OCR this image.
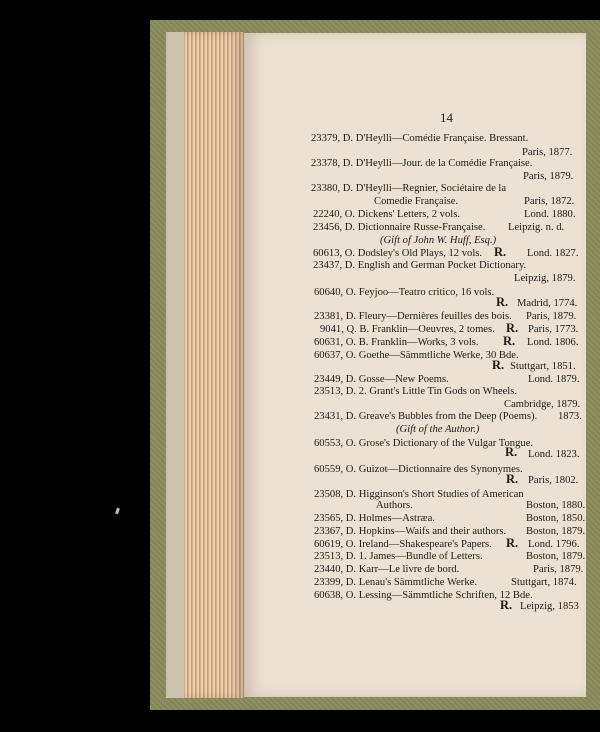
14
23379, D. D'Heylli—Comédie Française. Bressant.
Paris, 1877.
23378, D. D'Heylli—Jour. de la Comédie Française.
Paris, 1879.
23380, D. D'Heylli—Regnier, Sociétaire de la
Comedie Française.	Paris, 1872.
22240, O. Dickens' Letters, 2 vols.	Lond. 1880.
23456, D. Dictionnaire Russe-Française. Leipzig. n. d.
(Gift of John W. Huff, Esq.)
60613, O. Dodsley's Old Plays, 12 vols. R. Lond. 1827.
23437, D. English and German Pocket Dictionary.
Leipzig, 1879.
60640, O. Feyjoo—Teatro critico, 16 vols.
R. Madrid, 1774.
23381, D. Fleury—Dernières feuilles des bois. Paris, 1879.
9041, Q. B. Franklin—Oeuvres, 2 tomes. R. Paris, 1773.
60631, O. B. Franklin—Works, 3 vols. R. Lond. 1806.
60637, O. Goethe—Sämmtliche Werke, 30 Bde.
R. Stuttgart, 1851.
23449, D. Gosse—New Poems.	Lond. 1879.
23513, D. 2. Grant's Little Tin Gods on Wheels.
Cambridge, 1879.
23431, D. Greave's Bubbles from the Deep (Poems). 1873.
(Gift of the Author.)
60553, O. Grose's Dictionary of the Vulgar Tongue.
R. Lond. 1823.
60559, O. Guizot—Dictionnaire des Synonymes.
R. Paris, 1802.
23508, D. Higginson's Short Studies of American
Authors.	Boston, 1880.
23565, D. Holmes—Astræa.	Boston, 1850.
23367, D. Hopkins—Waifs and their authors. Boston, 1879.
60619, O. Ireland—Shakespeare's Papers. R. Lond. 1796.
23513, D. 1. James—Bundle of Letters.	Boston, 1879.
23440, D. Karr—Le livre de bord.	Paris, 1879.
23399, D. Lenau's Sämmtliche Werke.	Stuttgart, 1874.
60638, O. Lessing—Sämmtliche Schriften, 12 Bde.
R. Leipzig, 1853
